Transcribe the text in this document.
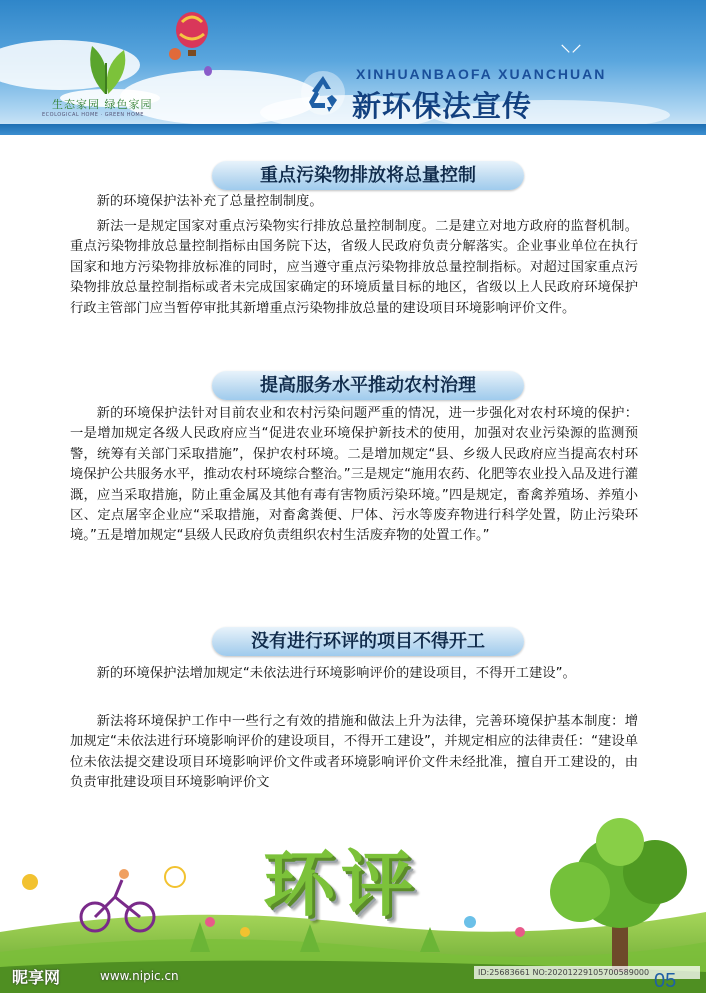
⸜⸝
生态家园 绿色家园
ECOLOGICAL HOME · GREEN HOME
XINHUANBAOFA XUANCHUAN
新环保法宣传
重点污染物排放将总量控制

新的环境保护法补充了总量控制制度。

新法一是规定国家对重点污染物实行排放总量控制制度。二是建立对地方政府的监督机制。重点污染物排放总量控制指标由国务院下达，省级人民政府负责分解落实。企业事业单位在执行国家和地方污染物排放标准的同时，应当遵守重点污染物排放总量控制指标。对超过国家重点污染物排放总量控制指标或者未完成国家确定的环境质量目标的地区，省级以上人民政府环境保护行政主管部门应当暂停审批其新增重点污染物排放总量的建设项目环境影响评价文件。

提高服务水平推动农村治理

新的环境保护法针对目前农业和农村污染问题严重的情况，进一步强化对农村环境的保护：一是增加规定各级人民政府应当“促进农业环境保护新技术的使用，加强对农业污染源的监测预警，统筹有关部门采取措施”，保护农村环境。二是增加规定“县、乡级人民政府应当提高农村环境保护公共服务水平，推动农村环境综合整治。”三是规定“施用农药、化肥等农业投入品及进行灌溉，应当采取措施，防止重金属及其他有毒有害物质污染环境。”四是规定，畜禽养殖场、养殖小区、定点屠宰企业应“采取措施，对畜禽粪便、尸体、污水等废弃物进行科学处置，防止污染环境。”五是增加规定“县级人民政府负责组织农村生活废弃物的处置工作。”

没有进行环评的项目不得开工

新的环境保护法增加规定“未依法进行环境影响评价的建设项目，不得开工建设”。

新法将环境保护工作中一些行之有效的措施和做法上升为法律，完善环境保护基本制度：增加规定“未依法进行环境影响评价的建设项目，不得开工建设”，并规定相应的法律责任：“建设单位未依法提交建设项目环境影响评价文件或者环境影响评价文件未经批准，擅自开工建设的，由负责审批建设项目环境影响评价文

环评
昵享网	www.nipic.cn	ID:25683661 NO:20201229105700589000 05
